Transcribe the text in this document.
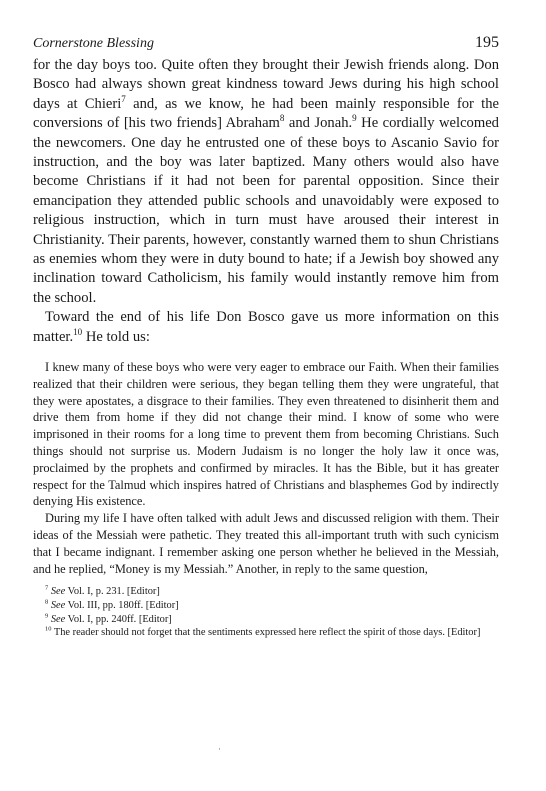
Cornerstone Blessing	195

for the day boys too. Quite often they brought their Jewish friends along. Don Bosco had always shown great kindness toward Jews during his high school days at Chieri$^7$ and, as we know, he had been mainly responsible for the conversions of [his two friends] Abraham$^8$ and Jonah.$^9$ He cordially welcomed the newcomers. One day he entrusted one of these boys to Ascanio Savio for instruction, and the boy was later baptized. Many others would also have become Christians if it had not been for parental opposition. Since their emancipation they attended public schools and unavoidably were exposed to religious instruction, which in turn must have aroused their interest in Christianity. Their parents, however, constantly warned them to shun Christians as enemies whom they were in duty bound to hate; if a Jewish boy showed any inclination toward Catholicism, his family would instantly remove him from the school.

Toward the end of his life Don Bosco gave us more information on this matter.$^{10}$ He told us:

I knew many of these boys who were very eager to embrace our Faith. When their families realized that their children were serious, they began telling them they were ungrateful, that they were apostates, a disgrace to their families. They even threatened to disinherit them and drive them from home if they did not change their mind. I know of some who were imprisoned in their rooms for a long time to prevent them from becoming Christians. Such things should not surprise us. Modern Judaism is no longer the holy law it once was, proclaimed by the prophets and confirmed by miracles. It has the Bible, but it has greater respect for the Talmud which inspires hatred of Christians and blasphemes God by indirectly denying His existence.

During my life I have often talked with adult Jews and discussed religion with them. Their ideas of the Messiah were pathetic. They treated this all-important truth with such cynicism that I became indignant. I remember asking one person whether he believed in the Messiah, and he replied, “Money is my Messiah.” Another, in reply to the same question,

$^7$ See Vol. I, p. 231. [Editor]

$^8$ See Vol. III, pp. 180ff. [Editor]

$^9$ See Vol. I, pp. 240ff. [Editor]

$^{10}$ The reader should not forget that the sentiments expressed here reflect the spirit of those days. [Editor]

·
